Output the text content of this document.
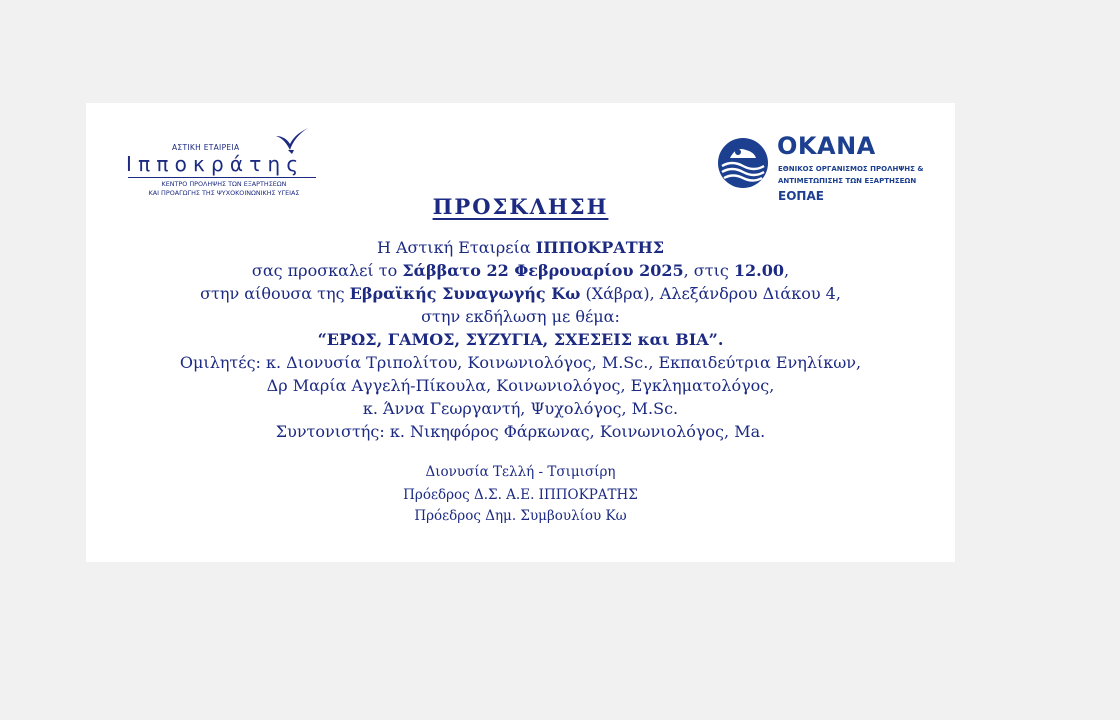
ΑΣΤΙΚΗ ΕΤΑΙΡΕΙΑ
Ιπποκράτης
ΚΕΝΤΡΟ ΠΡΟΛΗΨΗΣ ΤΩΝ ΕΞΑΡΤΗΣΕΩΝ
ΚΑΙ ΠΡΟΑΓΩΓΗΣ ΤΗΣ ΨΥΧΟΚΟΙΝΩΝΙΚΗΣ ΥΓΕΙΑΣ
OKANA
ΕΘΝΙΚΟΣ ΟΡΓΑΝΙΣΜΟΣ ΠΡΟΛΗΨΗΣ &
ΑΝΤΙΜΕΤΩΠΙΣΗΣ ΤΩΝ ΕΞΑΡΤΗΣΕΩΝ
ΕΟΠΑΕ
ΠΡΟΣΚΛΗΣΗ
Η Αστική Εταιρεία ΙΠΠΟΚΡΑΤΗΣ
σας προσκαλεί το Σάββατο 22 Φεβρουαρίου 2025, στις 12.00,
στην αίθουσα της Εβραϊκής Συναγωγής Κω (Χάβρα), Αλεξάνδρου Διάκου 4,
στην εκδήλωση με θέμα:
“ΕΡΩΣ, ΓΑΜΟΣ, ΣΥΖΥΓΙΑ, ΣΧΕΣΕΙΣ και ΒΙΑ”.
Ομιλητές: κ. Διονυσία Τριπολίτου, Κοινωνιολόγος, M.Sc., Εκπαιδεύτρια Ενηλίκων,
Δρ Μαρία Αγγελή-Πίκουλα, Κοινωνιολόγος, Εγκληματολόγος,
κ. Άννα Γεωργαντή, Ψυχολόγος, M.Sc.
Συντονιστής: κ. Νικηφόρος Φάρκωνας, Κοινωνιολόγος, Ma.
Διονυσία Τελλή - Τσιμισίρη
Πρόεδρος Δ.Σ. Α.Ε. ΙΠΠΟΚΡΑΤΗΣ
Πρόεδρος Δημ. Συμβουλίου Κω
